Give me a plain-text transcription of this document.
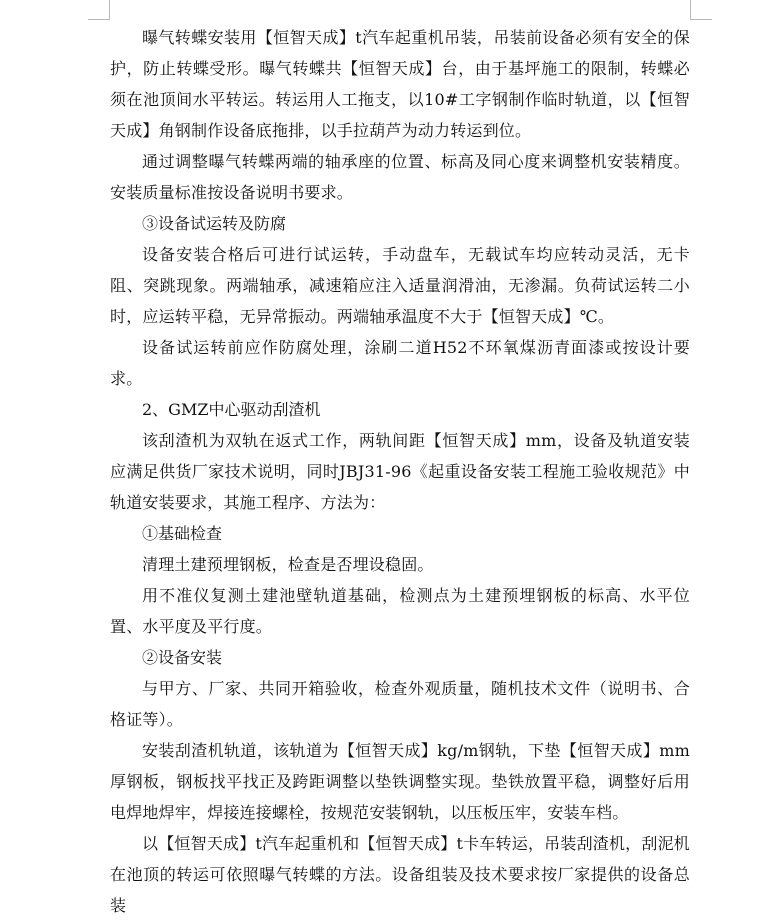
曝气转蝶安装用【恒智天成】t汽车起重机吊装，吊装前设备必须有安全的保护，防止转蝶受形。曝气转蝶共【恒智天成】台，由于基坪施工的限制，转蝶必须在池顶间水平转运。转运用人工拖支，以10#工字钢制作临时轨道，以【恒智天成】角钢制作设备底拖排，以手拉葫芦为动力转运到位。

通过调整曝气转蝶两端的轴承座的位置、标高及同心度来调整机安装精度。安装质量标准按设备说明书要求。

③设备试运转及防腐

设备安装合格后可进行试运转，手动盘车，无载试车均应转动灵活，无卡阻、突跳现象。两端轴承，减速箱应注入适量润滑油，无渗漏。负荷试运转二小时，应运转平稳，无异常振动。两端轴承温度不大于【恒智天成】℃。

设备试运转前应作防腐处理，涂刷二道H52不环氧煤沥青面漆或按设计要求。

2、GMZ中心驱动刮渣机

该刮渣机为双轨在返式工作，两轨间距【恒智天成】mm，设备及轨道安装应满足供货厂家技术说明，同时JBJ31-96《起重设备安装工程施工验收规范》中轨道安装要求，其施工程序、方法为：

①基础检查

清理土建预埋钢板，检查是否埋设稳固。

用不准仪复测土建池壁轨道基础，检测点为土建预埋钢板的标高、水平位置、水平度及平行度。

②设备安装

与甲方、厂家、共同开箱验收，检查外观质量，随机技术文件（说明书、合格证等）。

安装刮渣机轨道，该轨道为【恒智天成】kg/m钢轨，下垫【恒智天成】mm厚钢板，钢板找平找正及跨距调整以垫铁调整实现。垫铁放置平稳，调整好后用电焊地焊牢，焊接连接螺栓，按规范安装钢轨，以压板压牢，安装车档。

以【恒智天成】t汽车起重机和【恒智天成】t卡车转运，吊装刮渣机，刮泥机在池顶的转运可依照曝气转蝶的方法。设备组装及技术要求按厂家提供的设备总装
